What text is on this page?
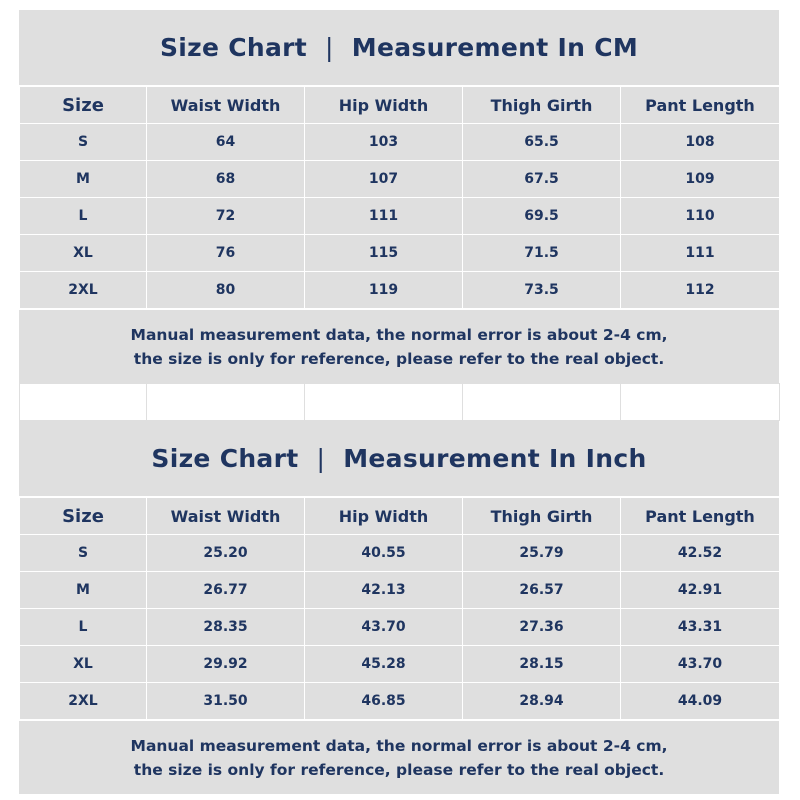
Size Chart | Measurement In CM
Size	Waist Width	Hip Width	Thigh Girth	Pant Length
S	64	103	65.5	108
M	68	107	67.5	109
L	72	111	69.5	110
XL	76	115	71.5	111
2XL	80	119	73.5	112
Manual measurement data, the normal error is about 2-4 cm,
the size is only for reference, please refer to the real object.

Size Chart | Measurement In Inch
Size	Waist Width	Hip Width	Thigh Girth	Pant Length
S	25.20	40.55	25.79	42.52
M	26.77	42.13	26.57	42.91
L	28.35	43.70	27.36	43.31
XL	29.92	45.28	28.15	43.70
2XL	31.50	46.85	28.94	44.09
Manual measurement data, the normal error is about 2-4 cm,
the size is only for reference, please refer to the real object.
